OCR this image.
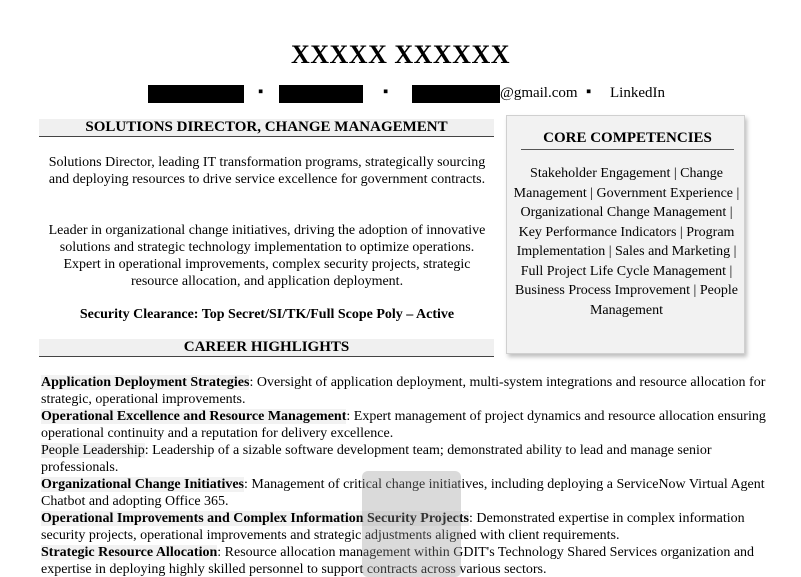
XXXXX XXXXXX
▪	▪	@gmail.com ▪ LinkedIn
SOLUTIONS DIRECTOR, CHANGE MANAGEMENT
Solutions Director, leading IT transformation programs, strategically sourcing and deploying resources to drive service excellence for government contracts.
Leader in organizational change initiatives, driving the adoption of innovative solutions and strategic technology implementation to optimize operations. Expert in operational improvements, complex security projects, strategic resource allocation, and application deployment.
Security Clearance: Top Secret/SI/TK/Full Scope Poly – Active
CAREER HIGHLIGHTS
CORE COMPETENCIES
Stakeholder Engagement | Change Management | Government Experience | Organizational Change Management | Key Performance Indicators | Program Implementation | Sales and Marketing | Full Project Life Cycle Management | Business Process Improvement | People Management
Application Deployment Strategies: Oversight of application deployment, multi-system integrations and resource allocation for strategic, operational improvements.
Operational Excellence and Resource Management: Expert management of project dynamics and resource allocation ensuring operational continuity and a reputation for delivery excellence.
People Leadership: Leadership of a sizable software development team; demonstrated ability to lead and manage senior professionals.
Organizational Change Initiatives: Management of critical change initiatives, including deploying a ServiceNow Virtual Agent Chatbot and adopting Office 365.
Operational Improvements and Complex Information Security Projects: Demonstrated expertise in complex information security projects, operational improvements and strategic adjustments aligned with client requirements.
Strategic Resource Allocation: Resource allocation management within GDIT's Technology Shared Services organization and expertise in deploying highly skilled personnel to support contracts across various sectors.
